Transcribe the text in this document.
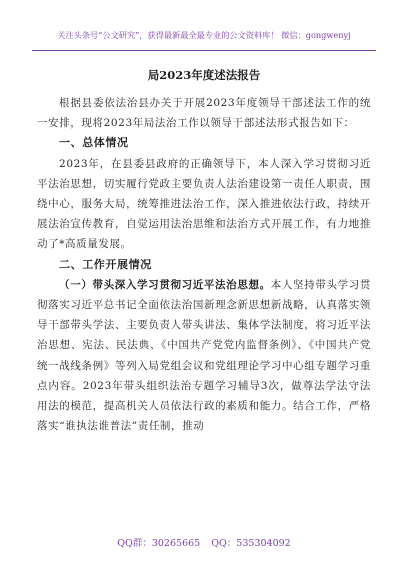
关注头条号“公文研究”，获得最新最全最专业的公文资料库！ 微信：gongwenyj
局2023年度述法报告

根据县委依法治县办关于开展2023年度领导干部述法工作的统一安排，现将2023年局法治工作以领导干部述法形式报告如下：

一、总体情况

2023年，在县委县政府的正确领导下，本人深入学习贯彻习近平法治思想，切实履行党政主要负责人法治建设第一责任人职责，围绕中心，服务大局，统筹推进法治工作，深入推进依法行政，持续开展法治宣传教育，自觉运用法治思维和法治方式开展工作，有力地推动了*高质量发展。

二、工作开展情况

（一）带头深入学习贯彻习近平法治思想。本人坚持带头学习贯彻落实习近平总书记全面依法治国新理念新思想新战略，认真落实领导干部带头学法、主要负责人带头讲法、集体学法制度，将习近平法治思想、宪法、民法典、《中国共产党党内监督条例》、《中国共产党统一战线条例》等列入局党组会议和党组理论学习中心组专题学习重点内容。2023年带头组织法治专题学习辅导3次，做尊法学法守法用法的模范，提高机关人员依法行政的素质和能力。结合工作，严格落实“谁执法谁普法”责任制，推动

QQ群：30265665 QQ：535304092
